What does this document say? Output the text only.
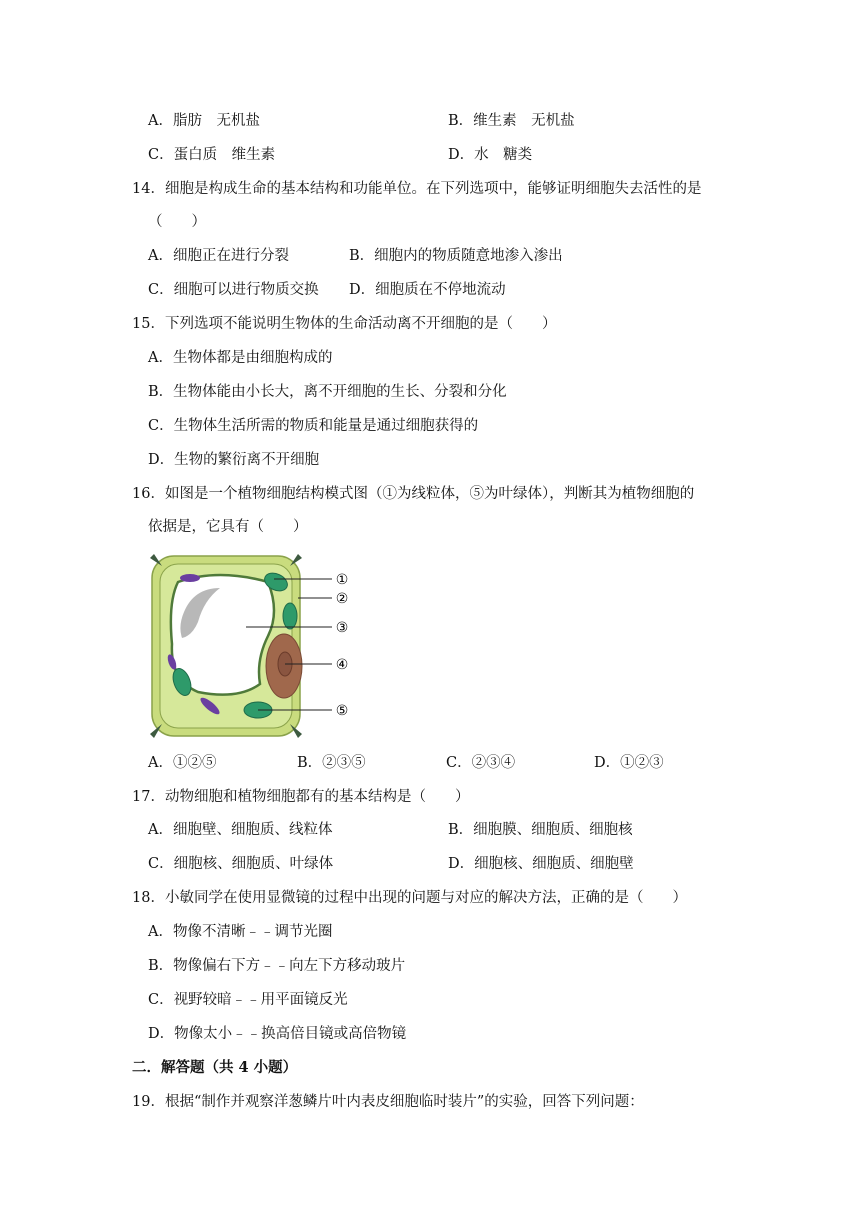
A．脂肪　无机盐	B．维生素　无机盐
C．蛋白质　维生素	D．水　糖类
14．细胞是构成生命的基本结构和功能单位。在下列选项中，能够证明细胞失去活性的是
（　　）
A．细胞正在进行分裂	B．细胞内的物质随意地渗入渗出
C．细胞可以进行物质交换 D．细胞质在不停地流动
15．下列选项不能说明生物体的生命活动离不开细胞的是（　　）
A．生物体都是由细胞构成的
B．生物体能由小长大，离不开细胞的生长、分裂和分化
C．生物体生活所需的物质和能量是通过细胞获得的
D．生物的繁衍离不开细胞
16．如图是一个植物细胞结构模式图（①为线粒体，⑤为叶绿体），判断其为植物细胞的
依据是，它具有（　　）
①
②
③
④
⑤
A．①②⑤	B．②③⑤	C．②③④	D．①②③
17．动物细胞和植物细胞都有的基本结构是（　　）
A．细胞壁、细胞质、线粒体	B．细胞膜、细胞质、细胞核
C．细胞核、细胞质、叶绿体	D．细胞核、细胞质、细胞壁
18．小敏同学在使用显微镜的过程中出现的问题与对应的解决方法，正确的是（　　）
A．物像不清晰﹣﹣调节光圈
B．物像偏右下方﹣﹣向左下方移动玻片
C．视野较暗﹣﹣用平面镜反光
D．物像太小﹣﹣换高倍目镜或高倍物镜
二．解答题（共 4 小题）
19．根据“制作并观察洋葱鳞片叶内表皮细胞临时装片”的实验，回答下列问题：
